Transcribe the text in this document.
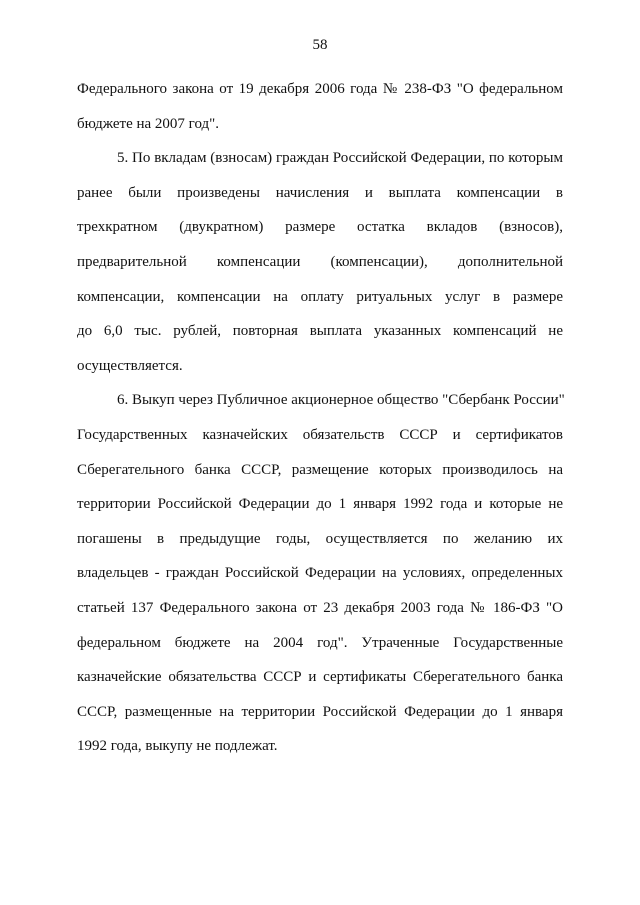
58
Федерального закона от 19 декабря 2006 года № 238-ФЗ "О федеральном
бюджете на 2007 год".
5. По вкладам (взносам) граждан Российской Федерации, по которым
ранее были произведены начисления и выплата компенсации в
трехкратном (двукратном) размере остатка вкладов (взносов),
предварительной компенсации (компенсации), дополнительной
компенсации, компенсации на оплату ритуальных услуг в размере
до 6,0 тыс. рублей, повторная выплата указанных компенсаций не
осуществляется.
6. Выкуп через Публичное акционерное общество "Сбербанк России"
Государственных казначейских обязательств СССР и сертификатов
Сберегательного банка СССР, размещение которых производилось на
территории Российской Федерации до 1 января 1992 года и которые не
погашены в предыдущие годы, осуществляется по желанию их
владельцев - граждан Российской Федерации на условиях, определенных
статьей 137 Федерального закона от 23 декабря 2003 года № 186-ФЗ "О
федеральном бюджете на 2004 год". Утраченные Государственные
казначейские обязательства СССР и сертификаты Сберегательного банка
СССР, размещенные на территории Российской Федерации до 1 января
1992 года, выкупу не подлежат.
